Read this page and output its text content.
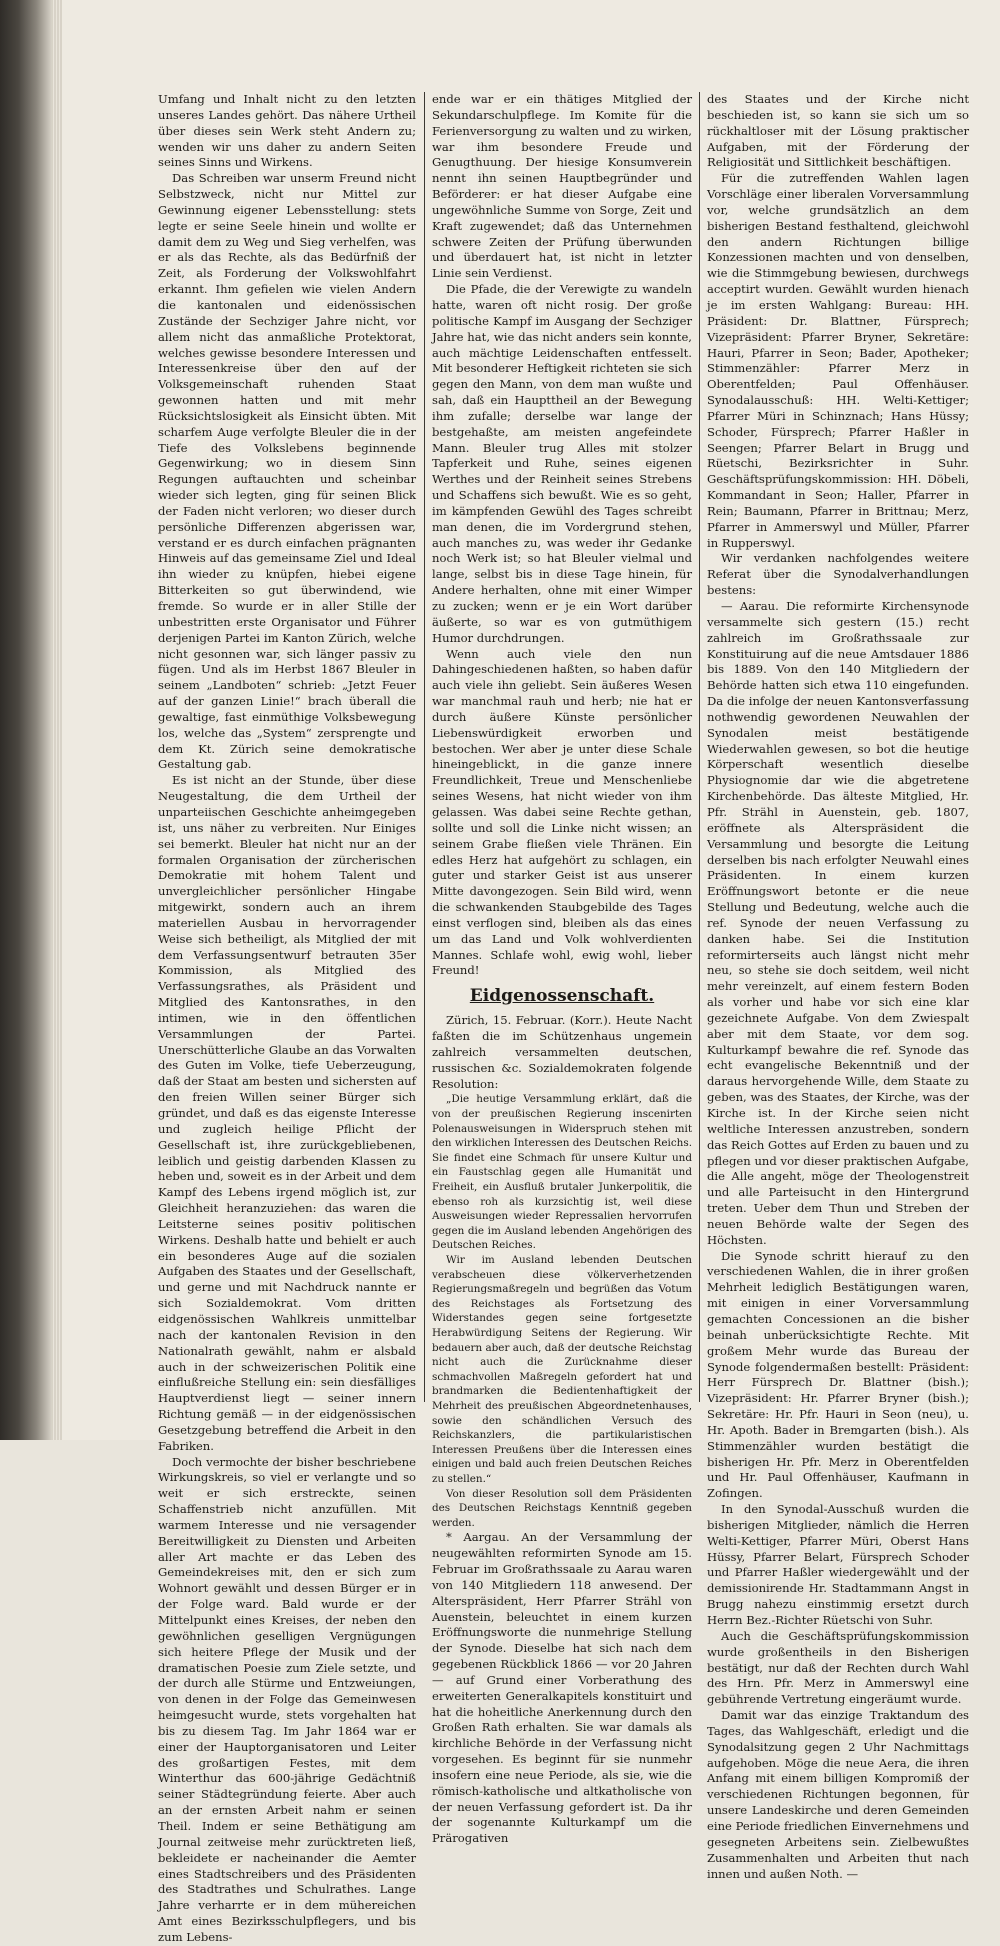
Umfang und Inhalt nicht zu den letzten unseres Landes gehört. Das nähere Urtheil über dieses sein Werk steht Andern zu; wenden wir uns daher zu andern Seiten seines Sinns und Wirkens.

Das Schreiben war unserm Freund nicht Selbstzweck, nicht nur Mittel zur Gewinnung eigener Lebensstellung: stets legte er seine Seele hinein und wollte er damit dem zu Weg und Sieg verhelfen, was er als das Rechte, als das Bedürfniß der Zeit, als Forderung der Volkswohlfahrt erkannt. Ihm gefielen wie vielen Andern die kantonalen und eidenössischen Zustände der Sechziger Jahre nicht, vor allem nicht das anmaßliche Protektorat, welches gewisse besondere Interessen und Interessenkreise über den auf der Volksgemeinschaft ruhenden Staat gewonnen hatten und mit mehr Rücksichtslosigkeit als Einsicht übten. Mit scharfem Auge verfolgte Bleuler die in der Tiefe des Volkslebens beginnende Gegenwirkung; wo in diesem Sinn Regungen auftauchten und scheinbar wieder sich legten, ging für seinen Blick der Faden nicht verloren; wo dieser durch persönliche Differenzen abgerissen war, verstand er es durch einfachen prägnanten Hinweis auf das gemeinsame Ziel und Ideal ihn wieder zu knüpfen, hiebei eigene Bitterkeiten so gut überwindend, wie fremde. So wurde er in aller Stille der unbestritten erste Organisator und Führer derjenigen Partei im Kanton Zürich, welche nicht gesonnen war, sich länger passiv zu fügen. Und als im Herbst 1867 Bleuler in seinem „Landboten“ schrieb: „Jetzt Feuer auf der ganzen Linie!“ brach überall die gewaltige, fast einmüthige Volksbewegung los, welche das „System“ zersprengte und dem Kt. Zürich seine demokratische Gestaltung gab.

Es ist nicht an der Stunde, über diese Neugestaltung, die dem Urtheil der unparteiischen Geschichte anheimgegeben ist, uns näher zu verbreiten. Nur Einiges sei bemerkt. Bleuler hat nicht nur an der formalen Organisation der zürcherischen Demokratie mit hohem Talent und unvergleichlicher persönlicher Hingabe mitgewirkt, sondern auch an ihrem materiellen Ausbau in hervorragender Weise sich betheiligt, als Mitglied der mit dem Verfassungsentwurf betrauten 35er Kommission, als Mitglied des Verfassungsrathes, als Präsident und Mitglied des Kantonsrathes, in den intimen, wie in den öffentlichen Versammlungen der Partei. Unerschütterliche Glaube an das Vorwalten des Guten im Volke, tiefe Ueberzeugung, daß der Staat am besten und sichersten auf den freien Willen seiner Bürger sich gründet, und daß es das eigenste Interesse und zugleich heilige Pflicht der Gesellschaft ist, ihre zurückgebliebenen, leiblich und geistig darbenden Klassen zu heben und, soweit es in der Arbeit und dem Kampf des Lebens irgend möglich ist, zur Gleichheit heranzuziehen: das waren die Leitsterne seines positiv politischen Wirkens. Deshalb hatte und behielt er auch ein besonderes Auge auf die sozialen Aufgaben des Staates und der Gesellschaft, und gerne und mit Nachdruck nannte er sich Sozialdemokrat. Vom dritten eidgenössischen Wahlkreis unmittelbar nach der kantonalen Revision in den Nationalrath gewählt, nahm er alsbald auch in der schweizerischen Politik eine einflußreiche Stellung ein: sein diesfälliges Hauptverdienst liegt — seiner innern Richtung gemäß — in der eidgenössischen Gesetzgebung betreffend die Arbeit in den Fabriken.

Doch vermochte der bisher beschriebene Wirkungskreis, so viel er verlangte und so weit er sich erstreckte, seinen Schaffenstrieb nicht anzufüllen. Mit warmem Interesse und nie versagender Bereitwilligkeit zu Diensten und Arbeiten aller Art machte er das Leben des Gemeindekreises mit, den er sich zum Wohnort gewählt und dessen Bürger er in der Folge ward. Bald wurde er der Mittelpunkt eines Kreises, der neben den gewöhnlichen geselligen Vergnügungen sich heitere Pflege der Musik und der dramatischen Poesie zum Ziele setzte, und der durch alle Stürme und Entzweiungen, von denen in der Folge das Gemeinwesen heimgesucht wurde, stets vorgehalten hat bis zu diesem Tag. Im Jahr 1864 war er einer der Hauptorganisatoren und Leiter des großartigen Festes, mit dem Winterthur das 600-jährige Gedächtniß seiner Städtegründung feierte. Aber auch an der ernsten Arbeit nahm er seinen Theil. Indem er seine Bethätigung am Journal zeitweise mehr zurücktreten ließ, bekleidete er nacheinander die Aemter eines Stadtschreibers und des Präsidenten des Stadtrathes und Schulrathes. Lange Jahre verharrte er in dem mühereichen Amt eines Bezirksschulpflegers, und bis zum Lebens-

ende war er ein thätiges Mitglied der Sekundarschulpflege. Im Komite für die Ferienversorgung zu walten und zu wirken, war ihm besondere Freude und Genugthuung. Der hiesige Konsumverein nennt ihn seinen Hauptbegründer und Beförderer: er hat dieser Aufgabe eine ungewöhnliche Summe von Sorge, Zeit und Kraft zugewendet; daß das Unternehmen schwere Zeiten der Prüfung überwunden und überdauert hat, ist nicht in letzter Linie sein Verdienst.

Die Pfade, die der Verewigte zu wandeln hatte, waren oft nicht rosig. Der große politische Kampf im Ausgang der Sechziger Jahre hat, wie das nicht anders sein konnte, auch mächtige Leidenschaften entfesselt. Mit besonderer Heftigkeit richteten sie sich gegen den Mann, von dem man wußte und sah, daß ein Haupttheil an der Bewegung ihm zufalle; derselbe war lange der bestgehaßte, am meisten angefeindete Mann. Bleuler trug Alles mit stolzer Tapferkeit und Ruhe, seines eigenen Werthes und der Reinheit seines Strebens und Schaffens sich bewußt. Wie es so geht, im kämpfenden Gewühl des Tages schreibt man denen, die im Vordergrund stehen, auch manches zu, was weder ihr Gedanke noch Werk ist; so hat Bleuler vielmal und lange, selbst bis in diese Tage hinein, für Andere herhalten, ohne mit einer Wimper zu zucken; wenn er je ein Wort darüber äußerte, so war es von gutmüthigem Humor durchdrungen.

Wenn auch viele den nun Dahingeschiedenen haßten, so haben dafür auch viele ihn geliebt. Sein äußeres Wesen war manchmal rauh und herb; nie hat er durch äußere Künste persönlicher Liebenswürdigkeit erworben und bestochen. Wer aber je unter diese Schale hineingeblickt, in die ganze innere Freundlichkeit, Treue und Menschenliebe seines Wesens, hat nicht wieder von ihm gelassen. Was dabei seine Rechte gethan, sollte und soll die Linke nicht wissen; an seinem Grabe fließen viele Thränen. Ein edles Herz hat aufgehört zu schlagen, ein guter und starker Geist ist aus unserer Mitte davongezogen. Sein Bild wird, wenn die schwankenden Staubgebilde des Tages einst verflogen sind, bleiben als das eines um das Land und Volk wohlverdienten Mannes. Schlafe wohl, ewig wohl, lieber Freund!

Eidgenossenschaft.

Zürich, 15. Februar. (Korr.). Heute Nacht faßten die im Schützenhaus ungemein zahlreich versammelten deutschen, russischen &c. Sozialdemokraten folgende Resolution:

„Die heutige Versammlung erklärt, daß die von der preußischen Regierung inscenirten Polenausweisungen in Widerspruch stehen mit den wirklichen Interessen des Deutschen Reichs. Sie findet eine Schmach für unsere Kultur und ein Faustschlag gegen alle Humanität und Freiheit, ein Ausfluß brutaler Junkerpolitik, die ebenso roh als kurzsichtig ist, weil diese Ausweisungen wieder Repressalien hervorrufen gegen die im Ausland lebenden Angehörigen des Deutschen Reiches.

Wir im Ausland lebenden Deutschen verabscheuen diese völkerverhetzenden Regierungsmaßregeln und begrüßen das Votum des Reichstages als Fortsetzung des Widerstandes gegen seine fortgesetzte Herabwürdigung Seitens der Regierung. Wir bedauern aber auch, daß der deutsche Reichstag nicht auch die Zurücknahme dieser schmachvollen Maßregeln gefordert hat und brandmarken die Bedientenhaftigkeit der Mehrheit des preußischen Abgeordnetenhauses, sowie den schändlichen Versuch des Reichskanzlers, die partikularistischen Interessen Preußens über die Interessen eines einigen und bald auch freien Deutschen Reiches zu stellen.“

Von dieser Resolution soll dem Präsidenten des Deutschen Reichstags Kenntniß gegeben werden.

* Aargau. An der Versammlung der neugewählten reformirten Synode am 15. Februar im Großrathssaale zu Aarau waren von 140 Mitgliedern 118 anwesend. Der Alterspräsident, Herr Pfarrer Strähl von Auenstein, beleuchtet in einem kurzen Eröffnungsworte die nunmehrige Stellung der Synode. Dieselbe hat sich nach dem gegebenen Rückblick 1866 — vor 20 Jahren — auf Grund einer Vorberathung des erweiterten Generalkapitels konstituirt und hat die hoheitliche Anerkennung durch den Großen Rath erhalten. Sie war damals als kirchliche Behörde in der Verfassung nicht vorgesehen. Es beginnt für sie nunmehr insofern eine neue Periode, als sie, wie die römisch-katholische und altkatholische von der neuen Verfassung gefordert ist. Da ihr der sogenannte Kulturkampf um die Prärogativen

des Staates und der Kirche nicht beschieden ist, so kann sie sich um so rückhaltloser mit der Lösung praktischer Aufgaben, mit der Förderung der Religiosität und Sittlichkeit beschäftigen.

Für die zutreffenden Wahlen lagen Vorschläge einer liberalen Vorversammlung vor, welche grundsätzlich an dem bisherigen Bestand festhaltend, gleichwohl den andern Richtungen billige Konzessionen machten und von denselben, wie die Stimmgebung bewiesen, durchwegs acceptirt wurden. Gewählt wurden hienach je im ersten Wahlgang: Bureau: HH. Präsident: Dr. Blattner, Fürsprech; Vizepräsident: Pfarrer Bryner, Sekretäre: Hauri, Pfarrer in Seon; Bader, Apotheker; Stimmenzähler: Pfarrer Merz in Oberentfelden; Paul Offenhäuser. Synodalausschuß: HH. Welti-Kettiger; Pfarrer Müri in Schinznach; Hans Hüssy; Schoder, Fürsprech; Pfarrer Haßler in Seengen; Pfarrer Belart in Brugg und Rüetschi, Bezirksrichter in Suhr. Geschäftsprüfungskommission: HH. Döbeli, Kommandant in Seon; Haller, Pfarrer in Rein; Baumann, Pfarrer in Brittnau; Merz, Pfarrer in Ammerswyl und Müller, Pfarrer in Rupperswyl.

Wir verdanken nachfolgendes weitere Referat über die Synodalverhandlungen bestens:

— Aarau. Die reformirte Kirchensynode versammelte sich gestern (15.) recht zahlreich im Großrathssaale zur Konstituirung auf die neue Amtsdauer 1886 bis 1889. Von den 140 Mitgliedern der Behörde hatten sich etwa 110 eingefunden. Da die infolge der neuen Kantonsverfassung nothwendig gewordenen Neuwahlen der Synodalen meist bestätigende Wiederwahlen gewesen, so bot die heutige Körperschaft wesentlich dieselbe Physiognomie dar wie die abgetretene Kirchenbehörde. Das älteste Mitglied, Hr. Pfr. Strähl in Auenstein, geb. 1807, eröffnete als Alterspräsident die Versammlung und besorgte die Leitung derselben bis nach erfolgter Neuwahl eines Präsidenten. In einem kurzen Eröffnungswort betonte er die neue Stellung und Bedeutung, welche auch die ref. Synode der neuen Verfassung zu danken habe. Sei die Institution reformirterseits auch längst nicht mehr neu, so stehe sie doch seitdem, weil nicht mehr vereinzelt, auf einem festern Boden als vorher und habe vor sich eine klar gezeichnete Aufgabe. Von dem Zwiespalt aber mit dem Staate, vor dem sog. Kulturkampf bewahre die ref. Synode das echt evangelische Bekenntniß und der daraus hervorgehende Wille, dem Staate zu geben, was des Staates, der Kirche, was der Kirche ist. In der Kirche seien nicht weltliche Interessen anzustreben, sondern das Reich Gottes auf Erden zu bauen und zu pflegen und vor dieser praktischen Aufgabe, die Alle angeht, möge der Theologenstreit und alle Parteisucht in den Hintergrund treten. Ueber dem Thun und Streben der neuen Behörde walte der Segen des Höchsten.

Die Synode schritt hierauf zu den verschiedenen Wahlen, die in ihrer großen Mehrheit lediglich Bestätigungen waren, mit einigen in einer Vorversammlung gemachten Concessionen an die bisher beinah unberücksichtigte Rechte. Mit großem Mehr wurde das Bureau der Synode folgendermaßen bestellt: Präsident: Herr Fürsprech Dr. Blattner (bish.); Vizepräsident: Hr. Pfarrer Bryner (bish.); Sekretäre: Hr. Pfr. Hauri in Seon (neu), u. Hr. Apoth. Bader in Bremgarten (bish.). Als Stimmenzähler wurden bestätigt die bisherigen Hr. Pfr. Merz in Oberentfelden und Hr. Paul Offenhäuser, Kaufmann in Zofingen.

In den Synodal-Ausschuß wurden die bisherigen Mitglieder, nämlich die Herren Welti-Kettiger, Pfarrer Müri, Oberst Hans Hüssy, Pfarrer Belart, Fürsprech Schoder und Pfarrer Haßler wiedergewählt und der demissionirende Hr. Stadtammann Angst in Brugg nahezu einstimmig ersetzt durch Herrn Bez.-Richter Rüetschi von Suhr.

Auch die Geschäftsprüfungskommission wurde großentheils in den Bisherigen bestätigt, nur daß der Rechten durch Wahl des Hrn. Pfr. Merz in Ammerswyl eine gebührende Vertretung eingeräumt wurde.

Damit war das einzige Traktandum des Tages, das Wahlgeschäft, erledigt und die Synodalsitzung gegen 2 Uhr Nachmittags aufgehoben. Möge die neue Aera, die ihren Anfang mit einem billigen Kompromiß der verschiedenen Richtungen begonnen, für unsere Landeskirche und deren Gemeinden eine Periode friedlichen Einvernehmens und gesegneten Arbeitens sein. Zielbewußtes Zusammenhalten und Arbeiten thut nach innen und außen Noth. —
